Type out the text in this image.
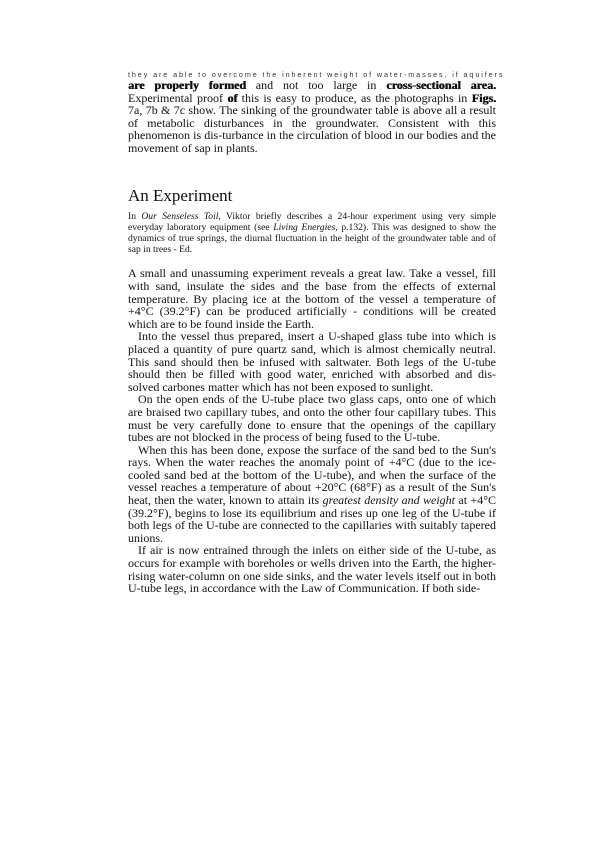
they are able to overcome the inherent weight of water-masses, if aquifers

are properly formed and not too large in cross-sectional area. Experimental proof of this is easy to produce, as the photographs in Figs. 7a, 7b & 7c show. The sinking of the groundwater table is above all a result of metabolic disturbances in the groundwater. Consistent with this phenomenon is dis-turbance in the circulation of blood in our bodies and the movement of sap in plants.

An Experiment

In Our Senseless Toil, Viktor briefly describes a 24-hour experiment using very simple everyday laboratory equipment (see Living Energies, p.132). This was designed to show the dynamics of true springs, the diurnal fluctuation in the height of the groundwater table and of sap in trees - Ed.

A small and unassuming experiment reveals a great law. Take a vessel, fill with sand, insulate the sides and the base from the effects of external temperature. By placing ice at the bottom of the vessel a temperature of +4°C (39.2°F) can be produced artificially - conditions will be created which are to be found inside the Earth.

Into the vessel thus prepared, insert a U-shaped glass tube into which is placed a quantity of pure quartz sand, which is almost chemically neutral. This sand should then be infused with saltwater. Both legs of the U-tube should then be filled with good water, enriched with absorbed and dis-solved carbones matter which has not been exposed to sunlight.

On the open ends of the U-tube place two glass caps, onto one of which are braised two capillary tubes, and onto the other four capillary tubes. This must be very carefully done to ensure that the openings of the capillary tubes are not blocked in the process of being fused to the U-tube.

When this has been done, expose the surface of the sand bed to the Sun's rays. When the water reaches the anomaly point of +4°C (due to the ice-cooled sand bed at the bottom of the U-tube), and when the surface of the vessel reaches a temperature of about +20°C (68°F) as a result of the Sun's heat, then the water, known to attain its greatest density and weight at +4°C (39.2°F), begins to lose its equilibrium and rises up one leg of the U-tube if both legs of the U-tube are connected to the capillaries with suitably tapered unions.

If air is now entrained through the inlets on either side of the U-tube, as occurs for example with boreholes or wells driven into the Earth, the higher-rising water-column on one side sinks, and the water levels itself out in both U-tube legs, in accordance with the Law of Communication. If both side-
